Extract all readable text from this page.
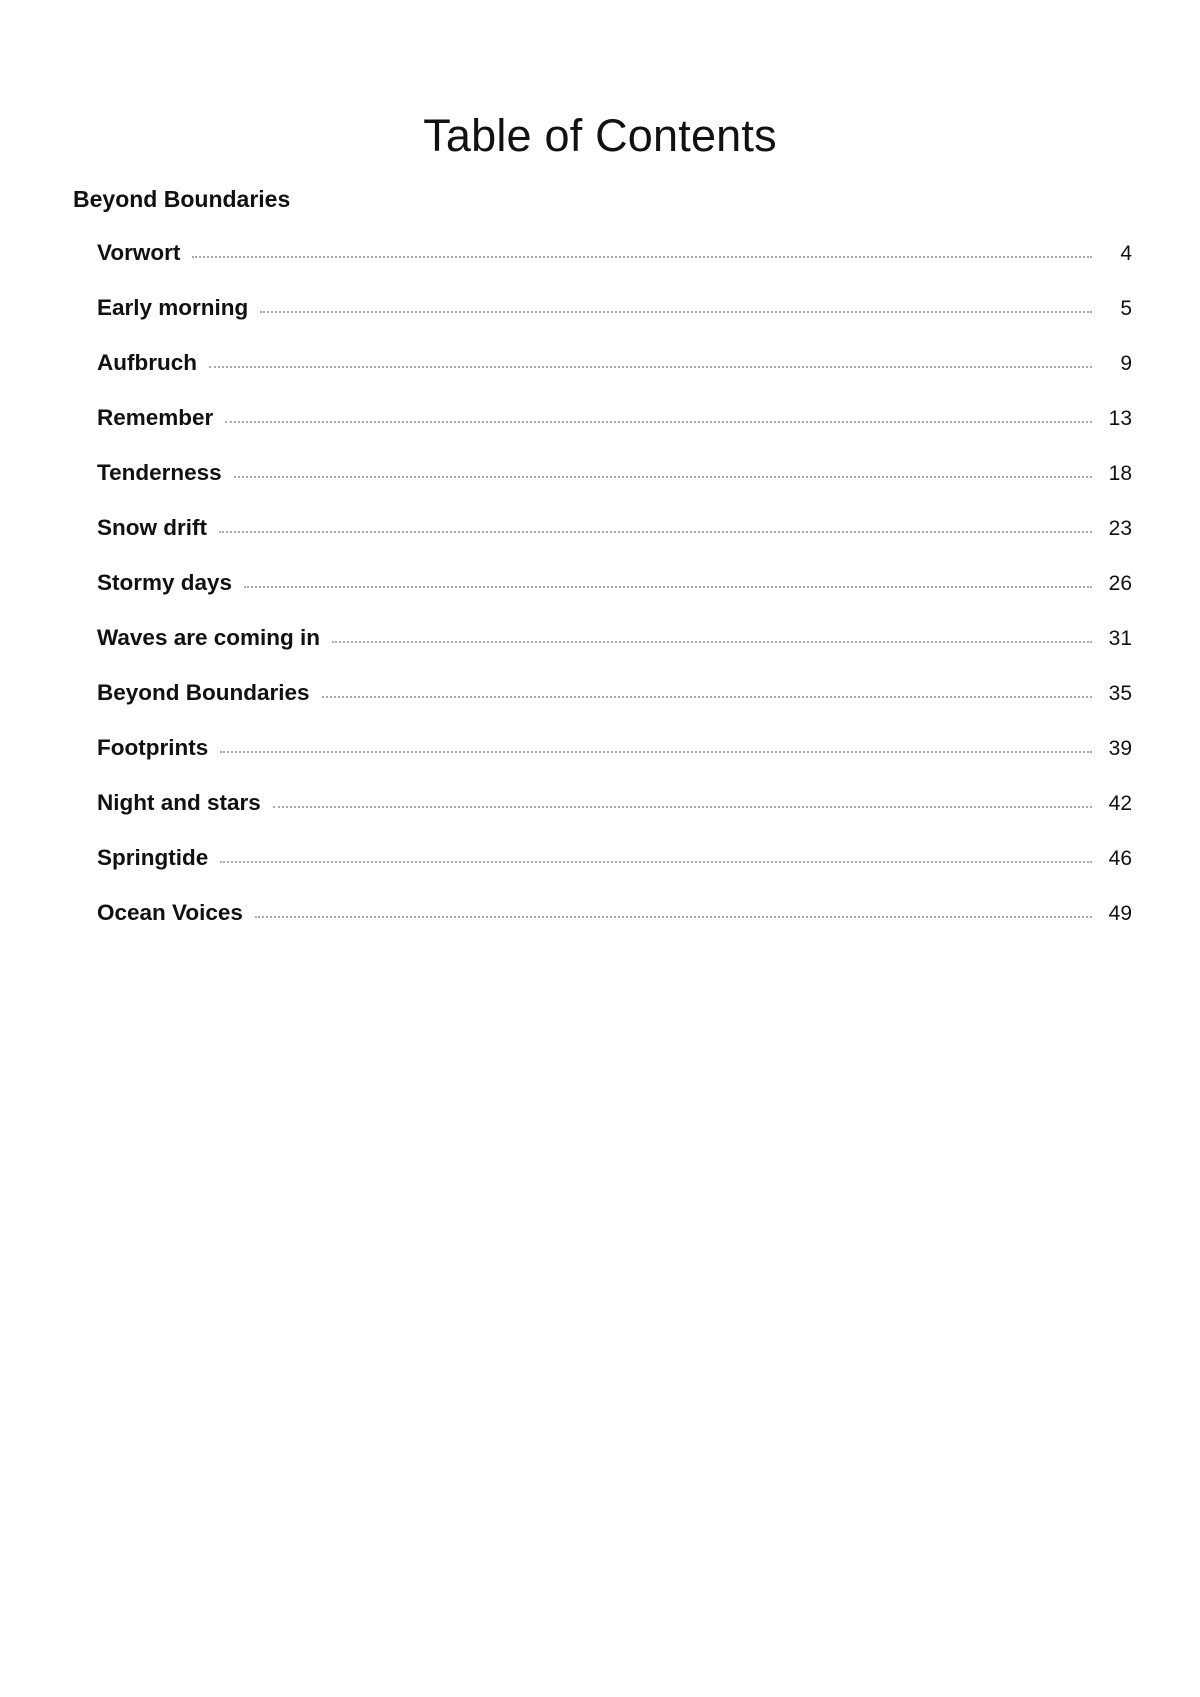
Table of Contents
Beyond Boundaries
Vorwort	4
Early morning	5
Aufbruch	9
Remember	13
Tenderness	18
Snow drift	23
Stormy days	26
Waves are coming in	31
Beyond Boundaries	35
Footprints	39
Night and stars	42
Springtide	46
Ocean Voices	49
